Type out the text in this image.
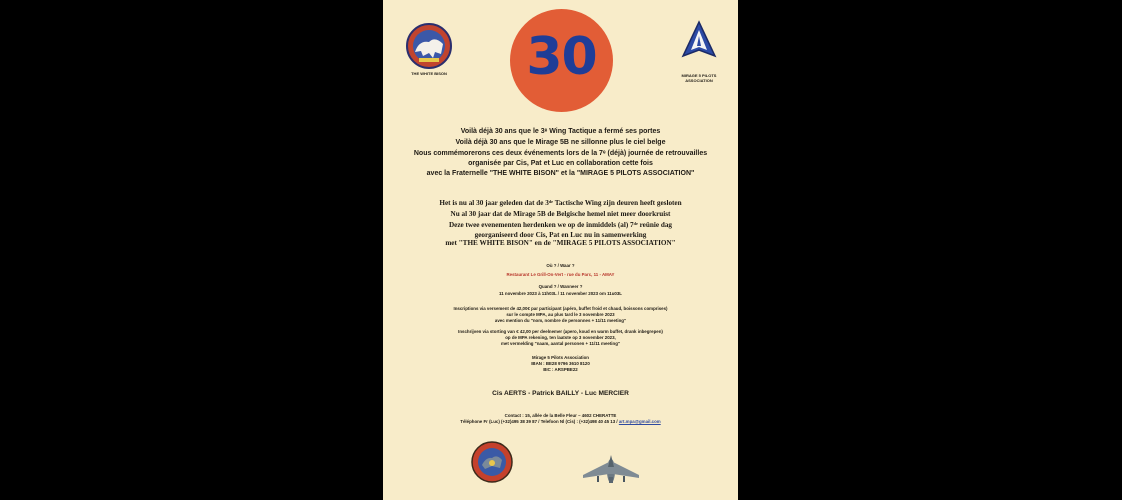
THE WHITE BISON	MIRAGE 5 PILOTS
ASSOCIATION
30
Voilà déjà 30 ans que le 3ᵉ Wing Tactique a fermé ses portes
Voilà déjà 30 ans que le Mirage 5B ne sillonne plus le ciel belge
Nous commémorerons ces deux événements lors de la 7ᵉ (déjà) journée de retrouvailles
organisée par Cis, Pat et Luc en collaboration cette fois
avec la Fraternelle "THE WHITE BISON" et la "MIRAGE 5 PILOTS ASSOCIATION"
Het is nu al 30 jaar geleden dat de 3ᵈᵉ Tactische Wing zijn deuren heeft gesloten
Nu al 30 jaar dat de Mirage 5B de Belgische hemel niet meer doorkruist
Deze twee evenementen herdenken we op de inmiddels (al) 7ᵈᵉ reünie dag
georganiseerd door Cis, Pat en Luc nu in samenwerking
met "THE WHITE BISON" en de "MIRAGE 5 PILOTS ASSOCIATION"
Où ? / Waar ?
Restaurant Le Grill-On-Vert - rue du Parc, 11 - AMAY
Quand ? / Wanneer ?
11 novembre 2023 à 11h03L / 11 november 2023 om 11u03L
Inscriptions via versement de 42,00€ par participant (apéro, buffet froid et chaud, boissons comprises)
sur le compte MPA, au plus tard le 3 novembre 2023
avec mention du "nom, nombre de personnes + 11/11 meeting"
Inschrijven via storting van € 42,00 per deelnemer (apero, koud en warm buffet, drank inbegrepen)
op de MPA rekening, ten laatste op 3 november 2023,
met vermelding "naam, aantal personen + 11/11 meeting"
Mirage 5 Pilots Association
IBAN : BE28 9796 3610 8120
BIC : ARSPBE22
Cis AERTS - Patrick BAILLY - Luc MERCIER
Contact : 15, allée de la Belle Fleur – 4602 CHERATTE
Téléphone Fr (Luc) (+32)495 38 39 87 / Telefoon Nl (Cis) : (+32)498 40 45 13 / art.mpa@gmail.com
